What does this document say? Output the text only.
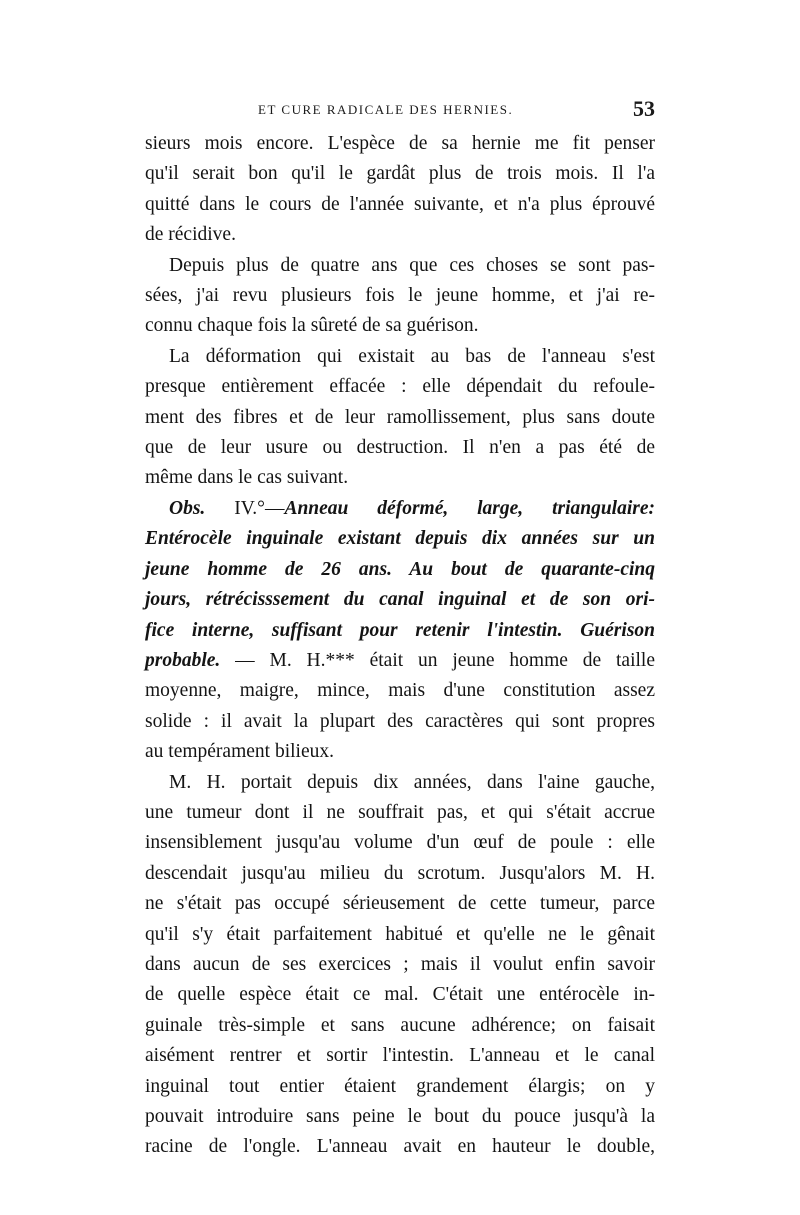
ET CURE RADICALE DES HERNIES.	53
sieurs mois encore. L'espèce de sa hernie me fit penser
qu'il serait bon qu'il le gardât plus de trois mois. Il l'a
quitté dans le cours de l'année suivante, et n'a plus éprouvé
de récidive.
Depuis plus de quatre ans que ces choses se sont pas-
sées, j'ai revu plusieurs fois le jeune homme, et j'ai re-
connu chaque fois la sûreté de sa guérison.
La déformation qui existait au bas de l'anneau s'est
presque entièrement effacée : elle dépendait du refoule-
ment des fibres et de leur ramollissement, plus sans doute
que de leur usure ou destruction. Il n'en a pas été de
même dans le cas suivant.
Obs. IV.°—Anneau déformé, large, triangulaire:
Entérocèle inguinale existant depuis dix années sur un
jeune homme de 26 ans. Au bout de quarante-cinq
jours, rétrécisssement du canal inguinal et de son ori-
fice interne, suffisant pour retenir l'intestin. Guérison
probable. — M. H.*** était un jeune homme de taille
moyenne, maigre, mince, mais d'une constitution assez
solide : il avait la plupart des caractères qui sont propres
au tempérament bilieux.
M. H. portait depuis dix années, dans l'aine gauche,
une tumeur dont il ne souffrait pas, et qui s'était accrue
insensiblement jusqu'au volume d'un œuf de poule : elle
descendait jusqu'au milieu du scrotum. Jusqu'alors M. H.
ne s'était pas occupé sérieusement de cette tumeur, parce
qu'il s'y était parfaitement habitué et qu'elle ne le gênait
dans aucun de ses exercices ; mais il voulut enfin savoir
de quelle espèce était ce mal. C'était une entérocèle in-
guinale très-simple et sans aucune adhérence; on faisait
aisément rentrer et sortir l'intestin. L'anneau et le canal
inguinal tout entier étaient grandement élargis; on y
pouvait introduire sans peine le bout du pouce jusqu'à la
racine de l'ongle. L'anneau avait en hauteur le double,
